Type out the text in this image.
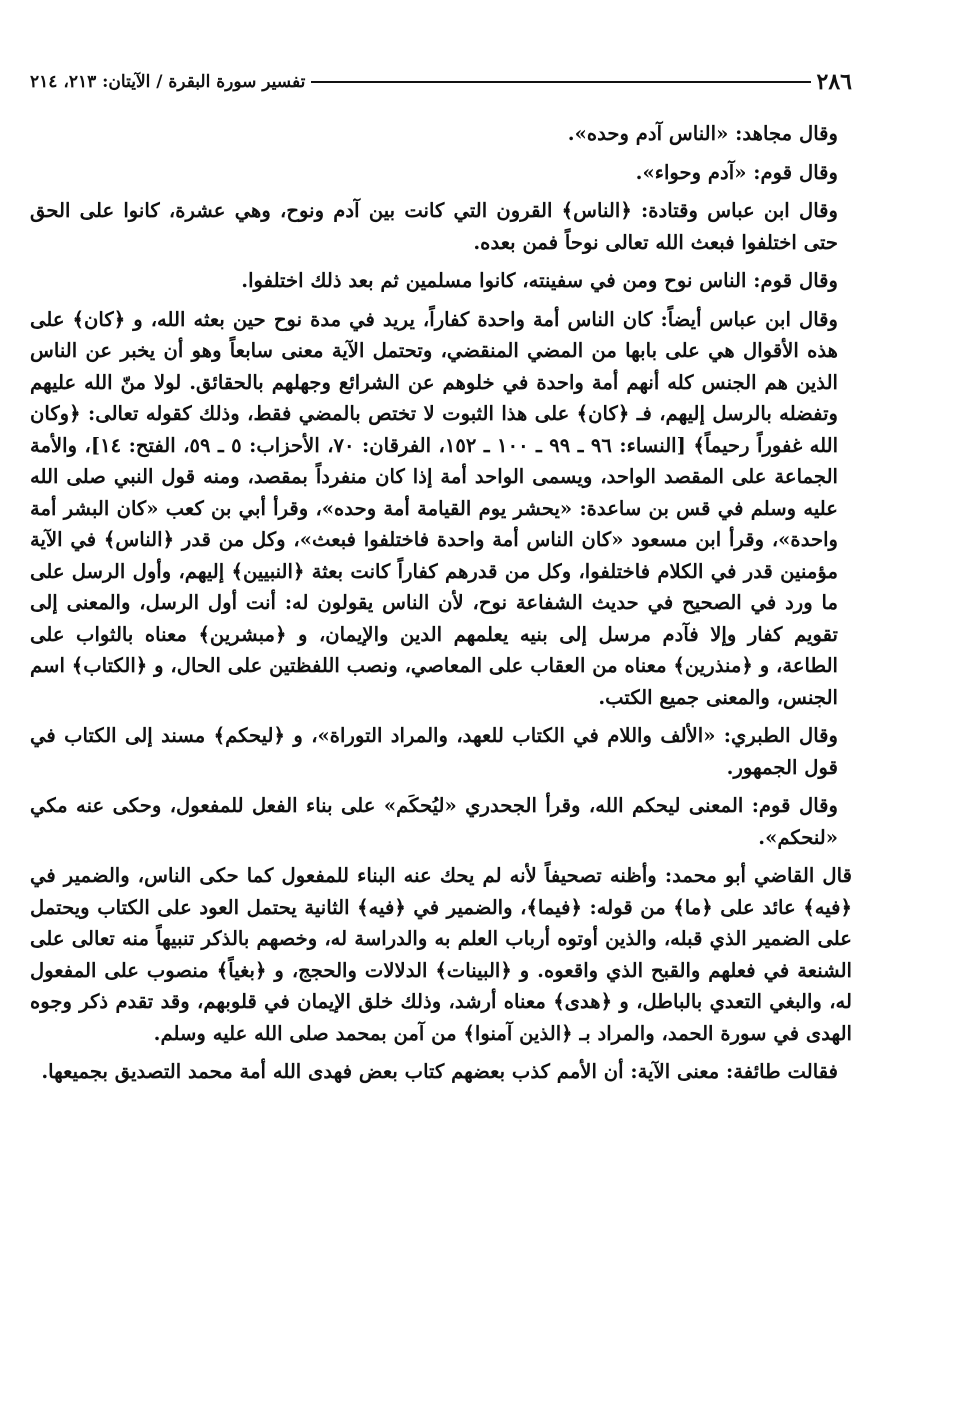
٢٨٦
تفسير سورة البقرة / الآيتان: ٢١٣، ٢١٤

وقال مجاهد: «الناس آدم وحده».

وقال قوم: «آدم وحواء».

وقال ابن عباس وقتادة: ﴿الناس﴾ القرون التي كانت بين آدم ونوح، وهي عشرة، كانوا على الحق حتى اختلفوا فبعث الله تعالى نوحاً فمن بعده.

وقال قوم: الناس نوح ومن في سفينته، كانوا مسلمين ثم بعد ذلك اختلفوا.

وقال ابن عباس أيضاً: كان الناس أمة واحدة كفاراً، يريد في مدة نوح حين بعثه الله، و ﴿كان﴾ على هذه الأقوال هي على بابها من المضي المنقضي، وتحتمل الآية معنى سابعاً وهو أن يخبر عن الناس الذين هم الجنس كله أنهم أمة واحدة في خلوهم عن الشرائع وجهلهم بالحقائق. لولا منّ الله عليهم وتفضله بالرسل إليهم، فـ ﴿كان﴾ على هذا الثبوت لا تختص بالمضي فقط، وذلك كقوله تعالى: ﴿وكان الله غفوراً رحيماً﴾ [النساء: ٩٦ ـ ٩٩ ـ ١٠٠ ـ ١٥٢، الفرقان: ٧٠، الأحزاب: ٥ ـ ٥٩، الفتح: ١٤]، والأمة الجماعة على المقصد الواحد، ويسمى الواحد أمة إذا كان منفرداً بمقصد، ومنه قول النبي صلى الله عليه وسلم في قس بن ساعدة: «يحشر يوم القيامة أمة وحده»، وقرأ أبي بن كعب «كان البشر أمة واحدة»، وقرأ ابن مسعود «كان الناس أمة واحدة فاختلفوا فبعث»، وكل من قدر ﴿الناس﴾ في الآية مؤمنين قدر في الكلام فاختلفوا، وكل من قدرهم كفاراً كانت بعثة ﴿النبيين﴾ إليهم، وأول الرسل على ما ورد في الصحيح في حديث الشفاعة نوح، لأن الناس يقولون له: أنت أول الرسل، والمعنى إلى تقويم كفار وإلا فآدم مرسل إلى بنيه يعلمهم الدين والإيمان، و ﴿مبشرين﴾ معناه بالثواب على الطاعة، و ﴿منذرين﴾ معناه من العقاب على المعاصي، ونصب اللفظتين على الحال، و ﴿الكتاب﴾ اسم الجنس، والمعنى جميع الكتب.

وقال الطبري: «الألف واللام في الكتاب للعهد، والمراد التوراة»، و ﴿ليحكم﴾ مسند إلى الكتاب في قول الجمهور.

وقال قوم: المعنى ليحكم الله، وقرأ الجحدري «ليُحكَم» على بناء الفعل للمفعول، وحكى عنه مكي «لنحكم».

قال القاضي أبو محمد: وأظنه تصحيفاً لأنه لم يحك عنه البناء للمفعول كما حكى الناس، والضمير في ﴿فيه﴾ عائد على ﴿ما﴾ من قوله: ﴿فيما﴾، والضمير في ﴿فيه﴾ الثانية يحتمل العود على الكتاب ويحتمل على الضمير الذي قبله، والذين أوتوه أرباب العلم به والدراسة له، وخصهم بالذكر تنبيهاً منه تعالى على الشنعة في فعلهم والقبح الذي واقعوه. و ﴿البينات﴾ الدلالات والحجج، و ﴿بغياً﴾ منصوب على المفعول له، والبغي التعدي بالباطل، و ﴿هدى﴾ معناه أرشد، وذلك خلق الإيمان في قلوبهم، وقد تقدم ذكر وجوه الهدى في سورة الحمد، والمراد بـ ﴿الذين آمنوا﴾ من آمن بمحمد صلى الله عليه وسلم.

فقالت طائفة: معنى الآية: أن الأمم كذب بعضهم كتاب بعض فهدى الله أمة محمد التصديق بجميعها.
